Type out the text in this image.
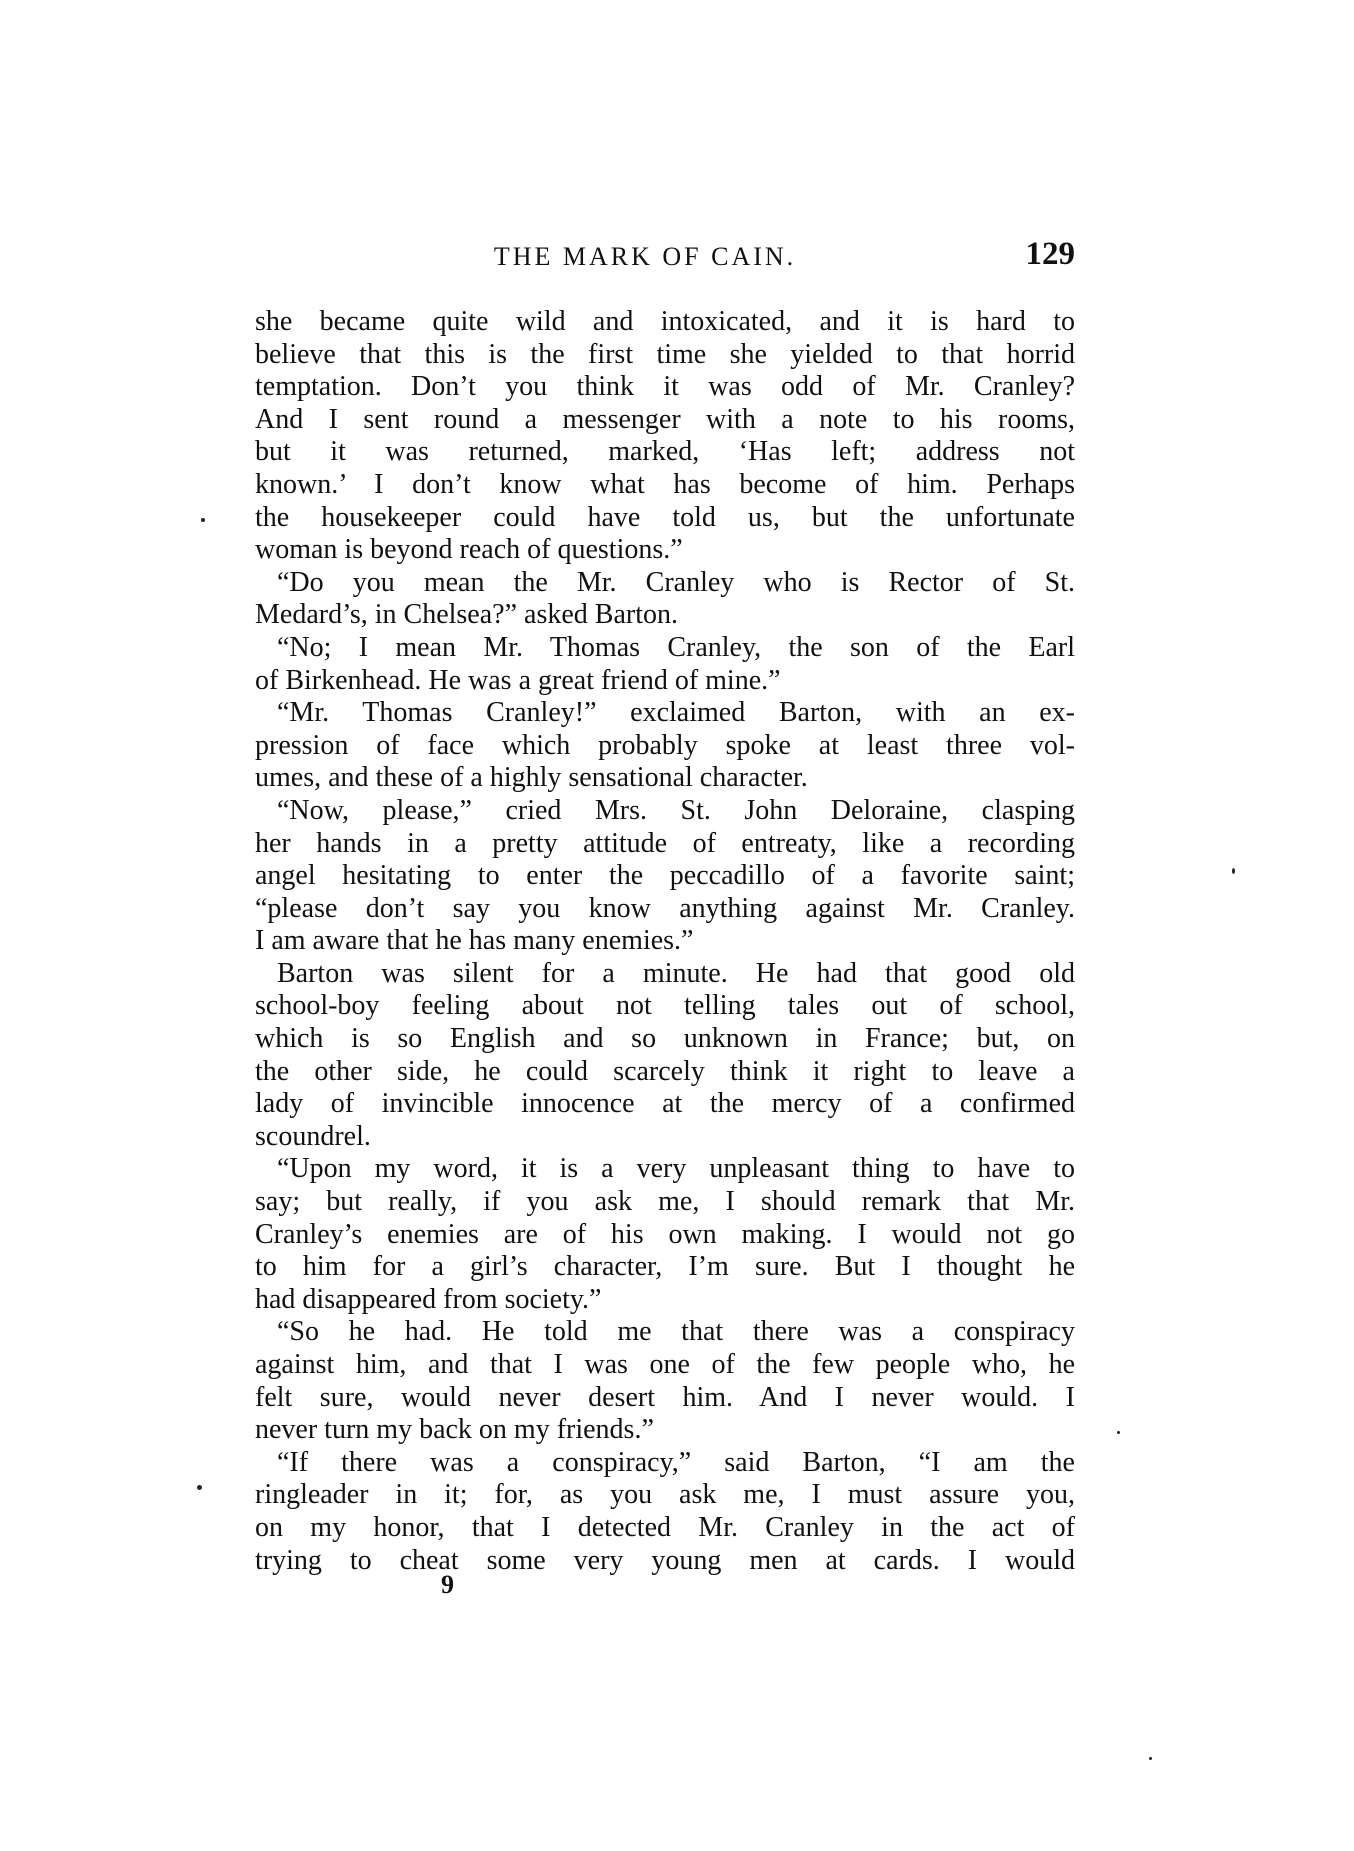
THE MARK OF CAIN.	129
she became quite wild and intoxicated, and it is hard to
believe that this is the first time she yielded to that horrid
temptation. Don’t you think it was odd of Mr. Cranley?
And I sent round a messenger with a note to his rooms,
but it was returned, marked, ‘Has left; address not
known.’ I don’t know what has become of him. Perhaps
the housekeeper could have told us, but the unfortunate
woman is beyond reach of questions.”
“Do you mean the Mr. Cranley who is Rector of St.
Medard’s, in Chelsea?” asked Barton.
“No; I mean Mr. Thomas Cranley, the son of the Earl
of Birkenhead. He was a great friend of mine.”
“Mr. Thomas Cranley!” exclaimed Barton, with an ex-
pression of face which probably spoke at least three vol-
umes, and these of a highly sensational character.
“Now, please,” cried Mrs. St. John Deloraine, clasping
her hands in a pretty attitude of entreaty, like a recording
angel hesitating to enter the peccadillo of a favorite saint;
“please don’t say you know anything against Mr. Cranley.
I am aware that he has many enemies.”
Barton was silent for a minute. He had that good old
school-boy feeling about not telling tales out of school,
which is so English and so unknown in France; but, on
the other side, he could scarcely think it right to leave a
lady of invincible innocence at the mercy of a confirmed
scoundrel.
“Upon my word, it is a very unpleasant thing to have to
say; but really, if you ask me, I should remark that Mr.
Cranley’s enemies are of his own making. I would not go
to him for a girl’s character, I’m sure. But I thought he
had disappeared from society.”
“So he had. He told me that there was a conspiracy
against him, and that I was one of the few people who, he
felt sure, would never desert him. And I never would. I
never turn my back on my friends.”
“If there was a conspiracy,” said Barton, “I am the
ringleader in it; for, as you ask me, I must assure you,
on my honor, that I detected Mr. Cranley in the act of
trying to cheat some very young men at cards. I would
9
